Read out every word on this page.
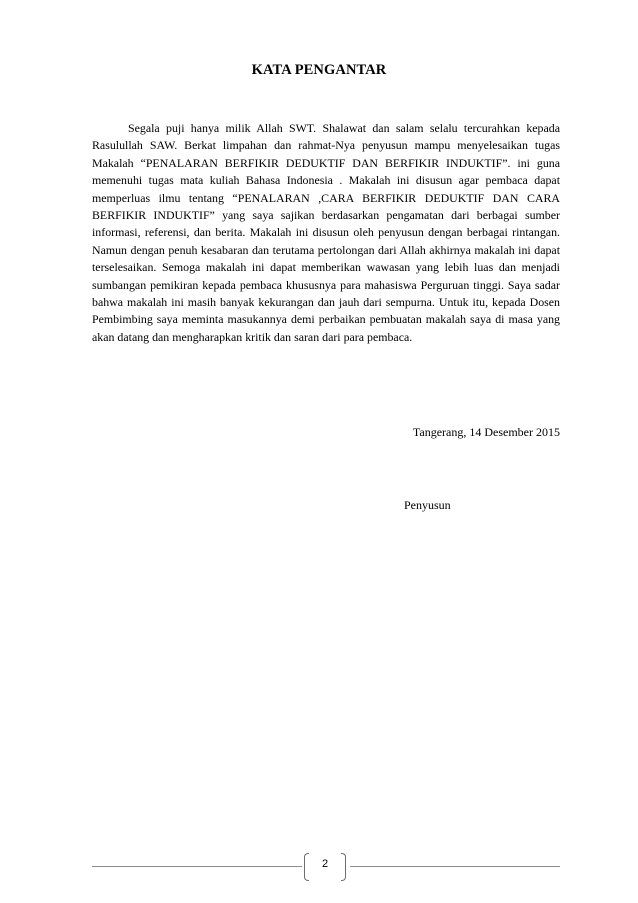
KATA PENGANTAR

Segala puji hanya milik Allah SWT. Shalawat dan salam selalu tercurahkan kepada Rasulullah SAW. Berkat limpahan dan rahmat-Nya penyusun mampu menyelesaikan tugas Makalah “PENALARAN BERFIKIR DEDUKTIF DAN BERFIKIR INDUKTIF”. ini guna memenuhi tugas mata kuliah Bahasa Indonesia . Makalah ini disusun agar pembaca dapat memperluas ilmu tentang “PENALARAN ,CARA BERFIKIR DEDUKTIF DAN CARA BERFIKIR INDUKTIF” yang saya sajikan berdasarkan pengamatan dari berbagai sumber informasi, referensi, dan berita. Makalah ini disusun oleh penyusun dengan berbagai rintangan. Namun dengan penuh kesabaran dan terutama pertolongan dari Allah akhirnya makalah ini dapat terselesaikan. Semoga makalah ini dapat memberikan wawasan yang lebih luas dan menjadi sumbangan pemikiran kepada pembaca khususnya para mahasiswa Perguruan tinggi. Saya sadar bahwa makalah ini masih banyak kekurangan dan jauh dari sempurna. Untuk itu, kepada Dosen Pembimbing saya meminta masukannya demi perbaikan pembuatan makalah saya di masa yang akan datang dan mengharapkan kritik dan saran dari para pembaca.

Tangerang, 14 Desember 2015
Penyusun
2
